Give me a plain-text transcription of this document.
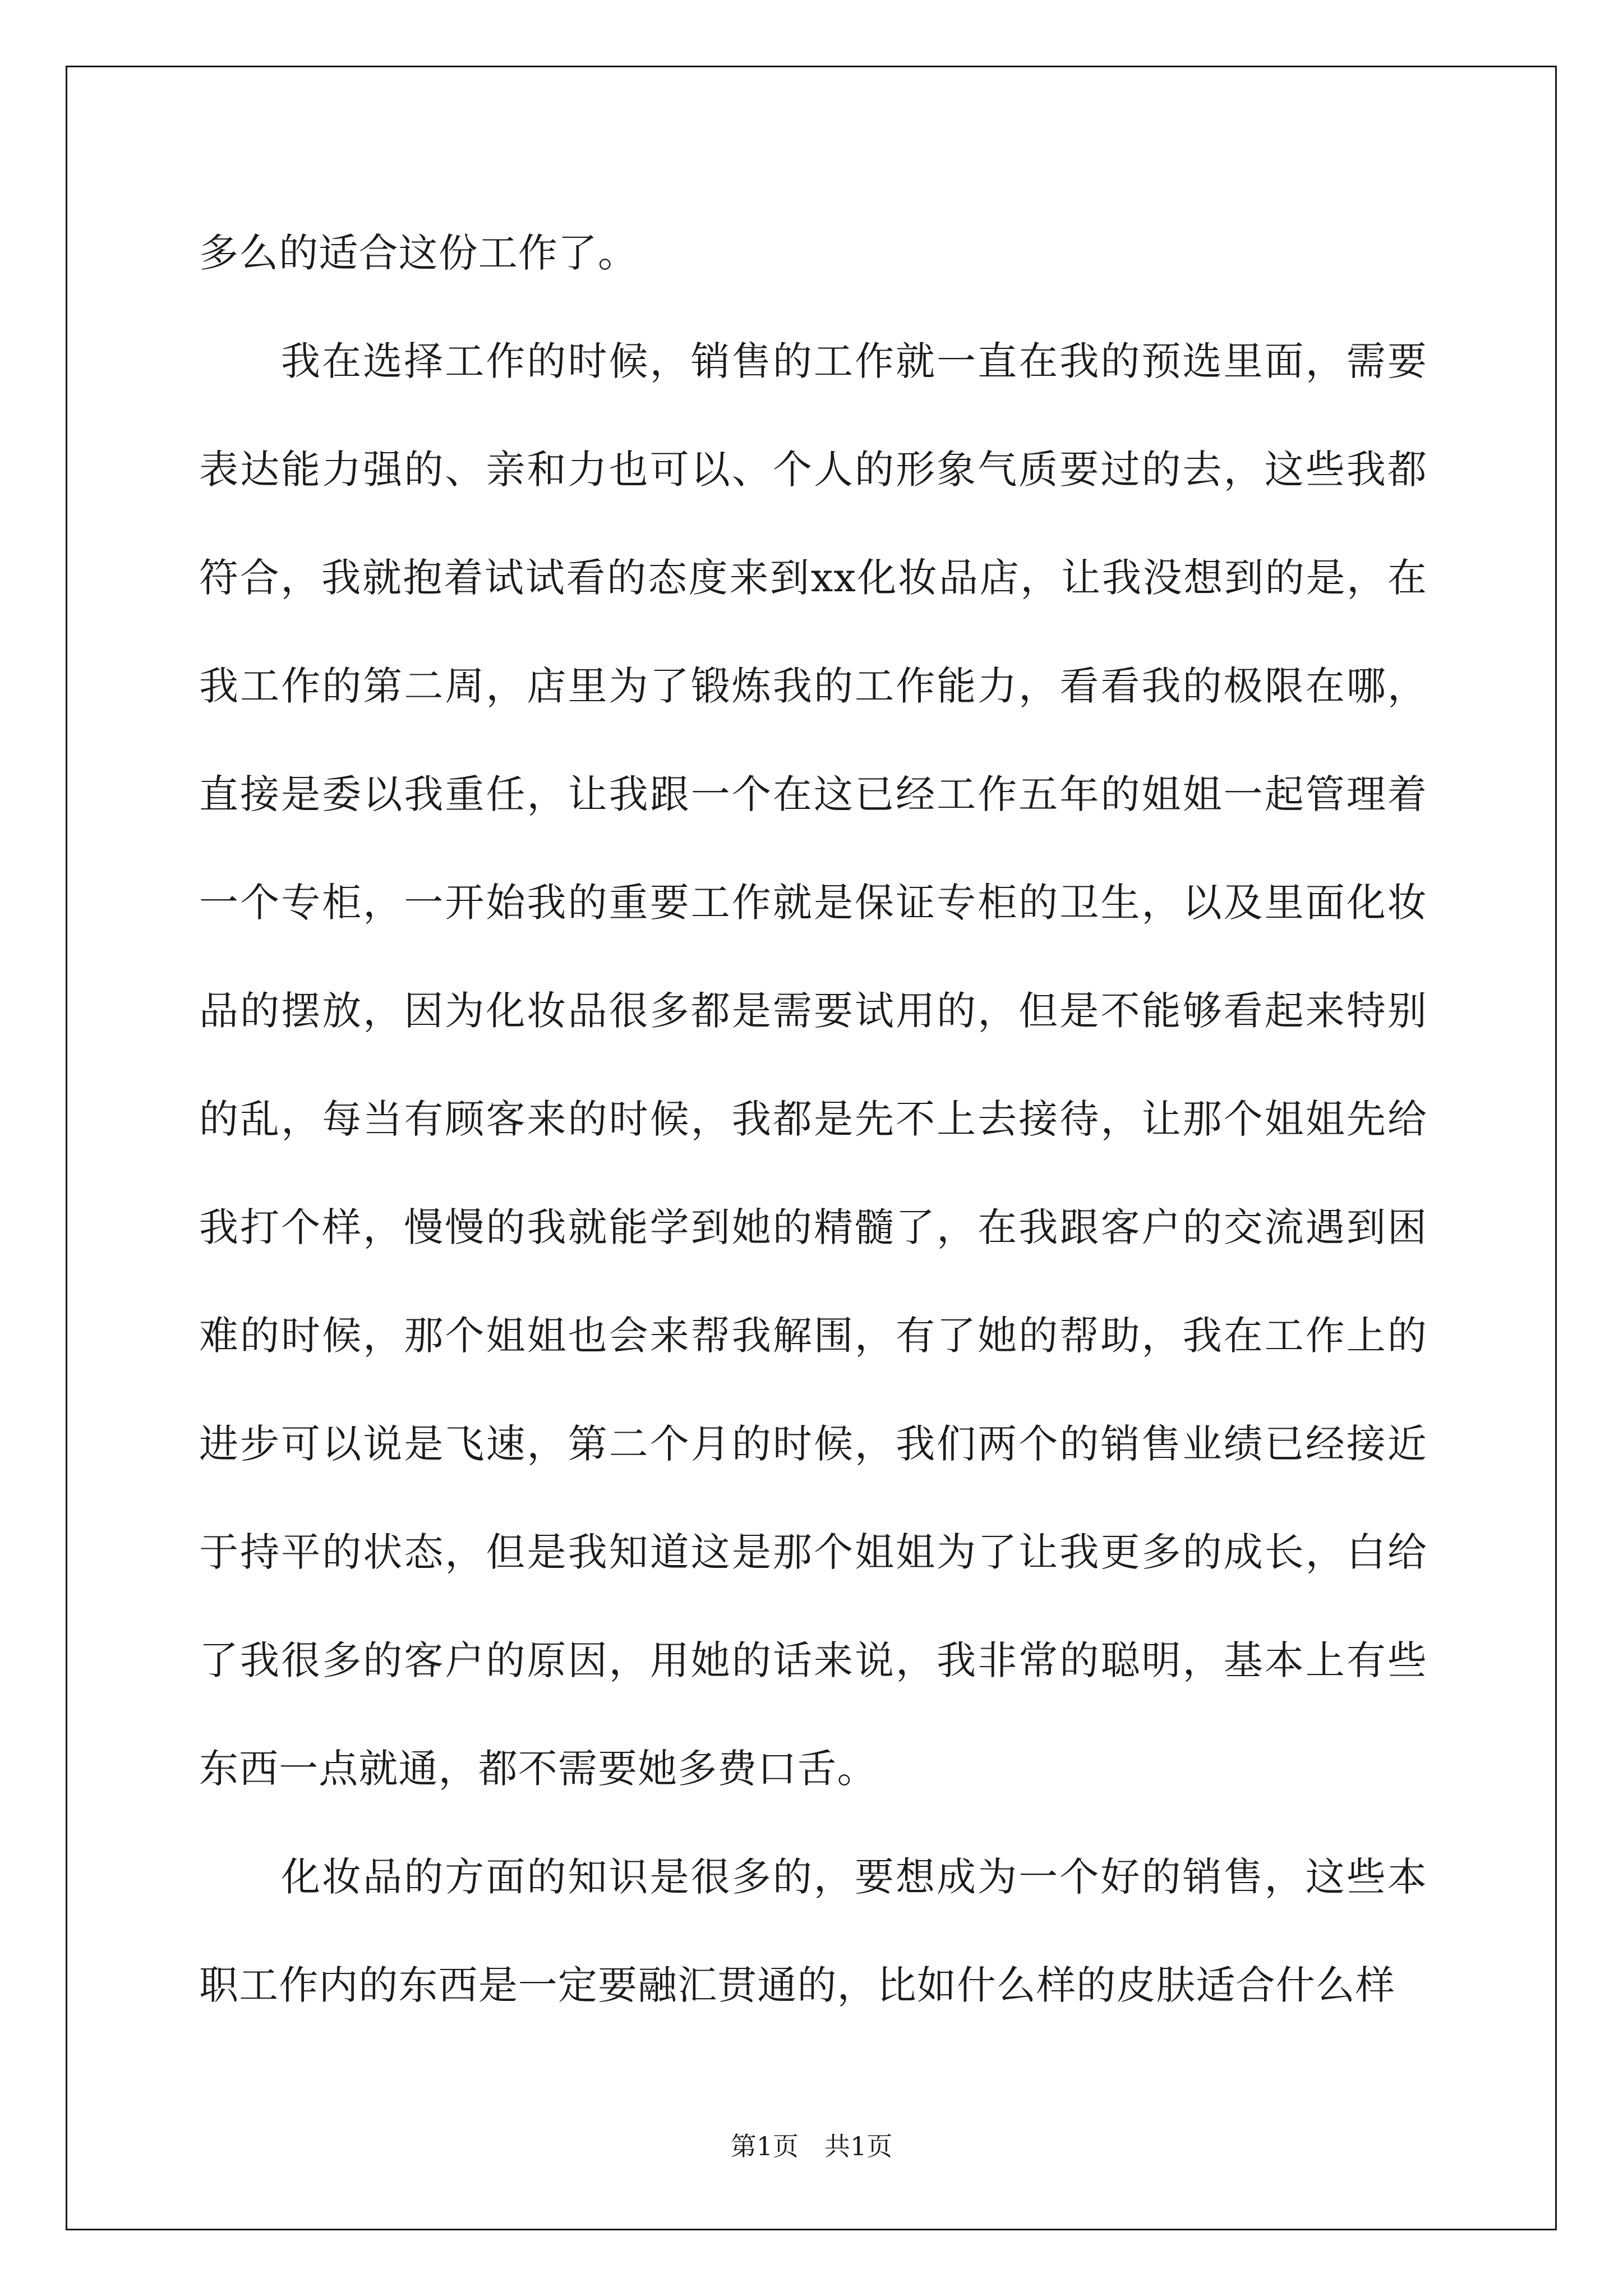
多么的适合这份工作了。

我在选择工作的时候，销售的工作就一直在我的预选里面，需要表达能力强的、亲和力也可以、个人的形象气质要过的去，这些我都符合，我就抱着试试看的态度来到xx化妆品店，让我没想到的是，在我工作的第二周，店里为了锻炼我的工作能力，看看我的极限在哪，直接是委以我重任，让我跟一个在这已经工作五年的姐姐一起管理着一个专柜，一开始我的重要工作就是保证专柜的卫生，以及里面化妆品的摆放，因为化妆品很多都是需要试用的，但是不能够看起来特别的乱，每当有顾客来的时候，我都是先不上去接待，让那个姐姐先给我打个样，慢慢的我就能学到她的精髓了，在我跟客户的交流遇到困难的时候，那个姐姐也会来帮我解围，有了她的帮助，我在工作上的进步可以说是飞速，第二个月的时候，我们两个的销售业绩已经接近于持平的状态，但是我知道这是那个姐姐为了让我更多的成长，白给了我很多的客户的原因，用她的话来说，我非常的聪明，基本上有些东西一点就通，都不需要她多费口舌。

化妆品的方面的知识是很多的，要想成为一个好的销售，这些本职工作内的东西是一定要融汇贯通的，比如什么样的皮肤适合什么样

第1页 共1页
